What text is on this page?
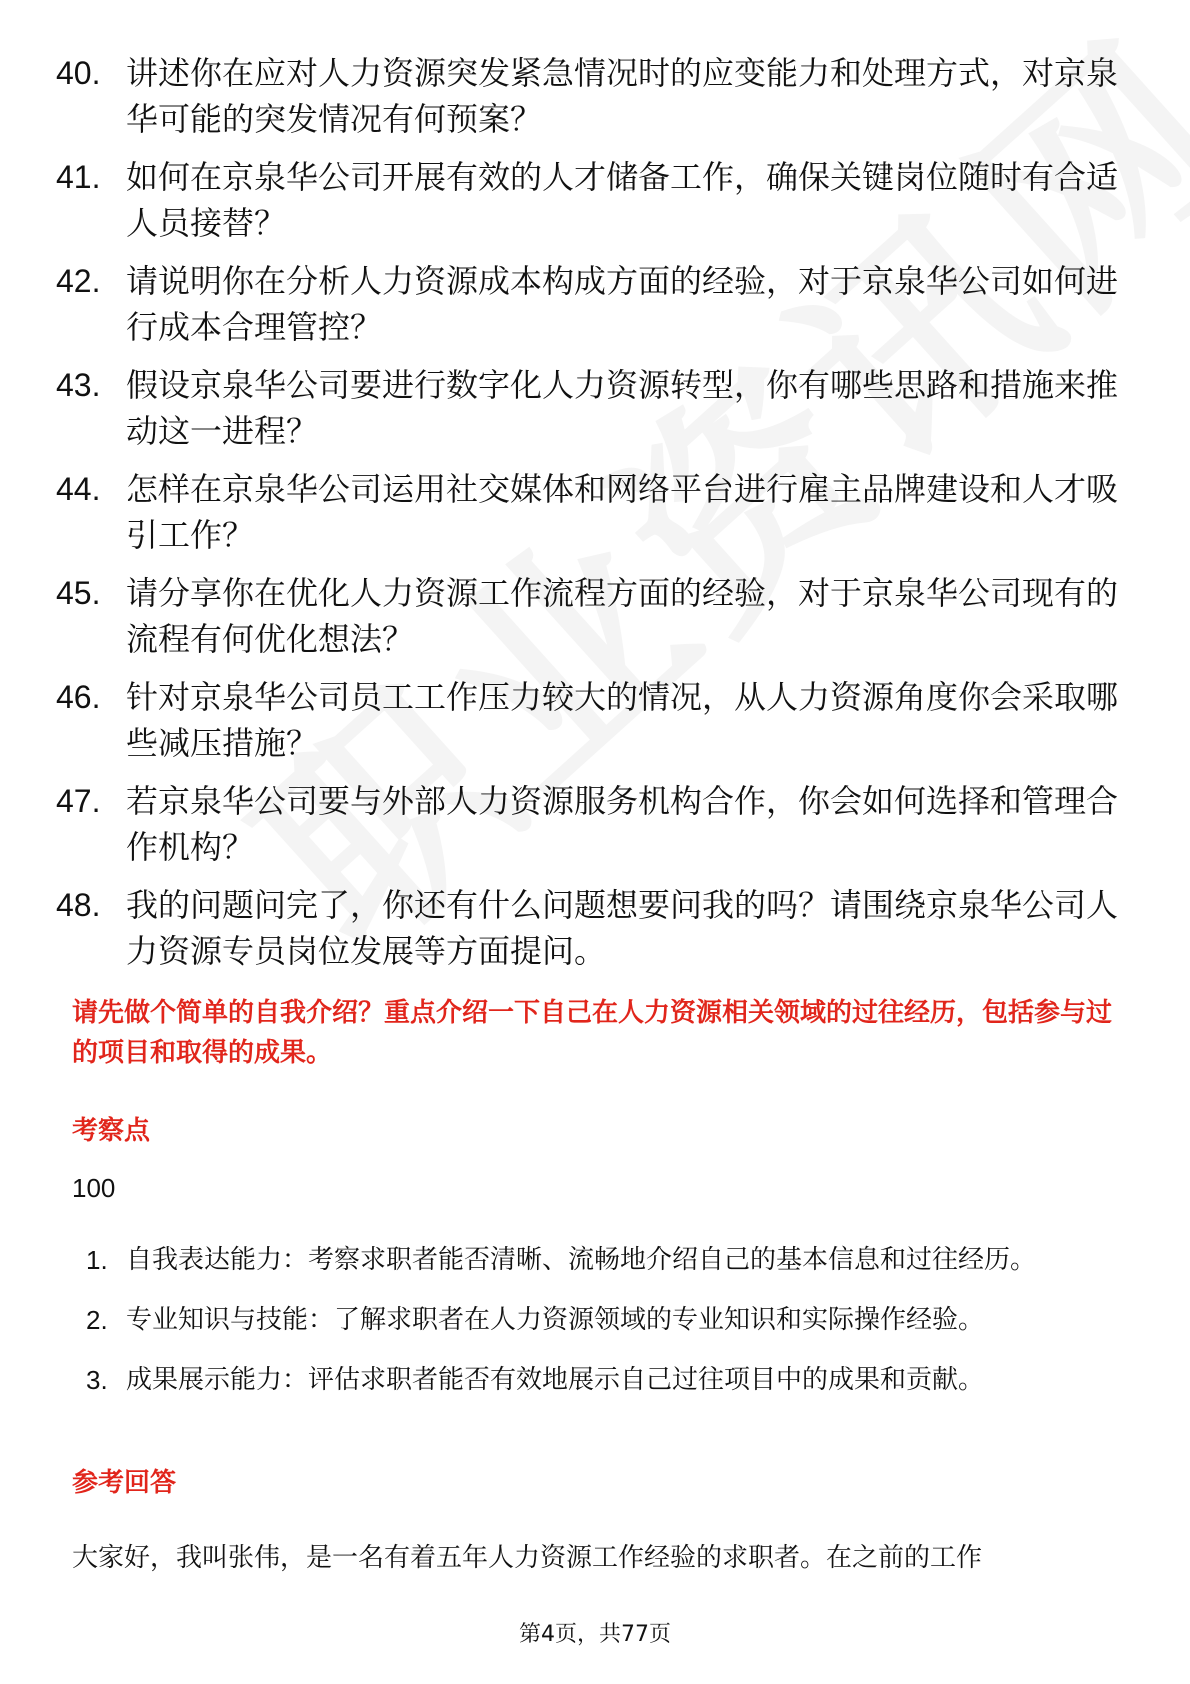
40. 讲述你在应对人力资源突发紧急情况时的应变能力和处理方式，对京泉华可能的突发情况有何预案？
41. 如何在京泉华公司开展有效的人才储备工作，确保关键岗位随时有合适人员接替？
42. 请说明你在分析人力资源成本构成方面的经验，对于京泉华公司如何进行成本合理管控？
43. 假设京泉华公司要进行数字化人力资源转型，你有哪些思路和措施来推动这一进程？
44. 怎样在京泉华公司运用社交媒体和网络平台进行雇主品牌建设和人才吸引工作？
45. 请分享你在优化人力资源工作流程方面的经验，对于京泉华公司现有的流程有何优化想法？
46. 针对京泉华公司员工工作压力较大的情况，从人力资源角度你会采取哪些减压措施？
47. 若京泉华公司要与外部人力资源服务机构合作，你会如何选择和管理合作机构？
48. 我的问题问完了，你还有什么问题想要问我的吗？请围绕京泉华公司人力资源专员岗位发展等方面提问。
请先做个简单的自我介绍？重点介绍一下自己在人力资源相关领域的过往经历，包括参与过的项目和取得的成果。
考察点
100
1. 自我表达能力：考察求职者能否清晰、流畅地介绍自己的基本信息和过往经历。
2. 专业知识与技能：了解求职者在人力资源领域的专业知识和实际操作经验。
3. 成果展示能力：评估求职者能否有效地展示自己过往项目中的成果和贡献。
参考回答
大家好，我叫张伟，是一名有着五年人力资源工作经验的求职者。在之前的工作
第4页，共77页
